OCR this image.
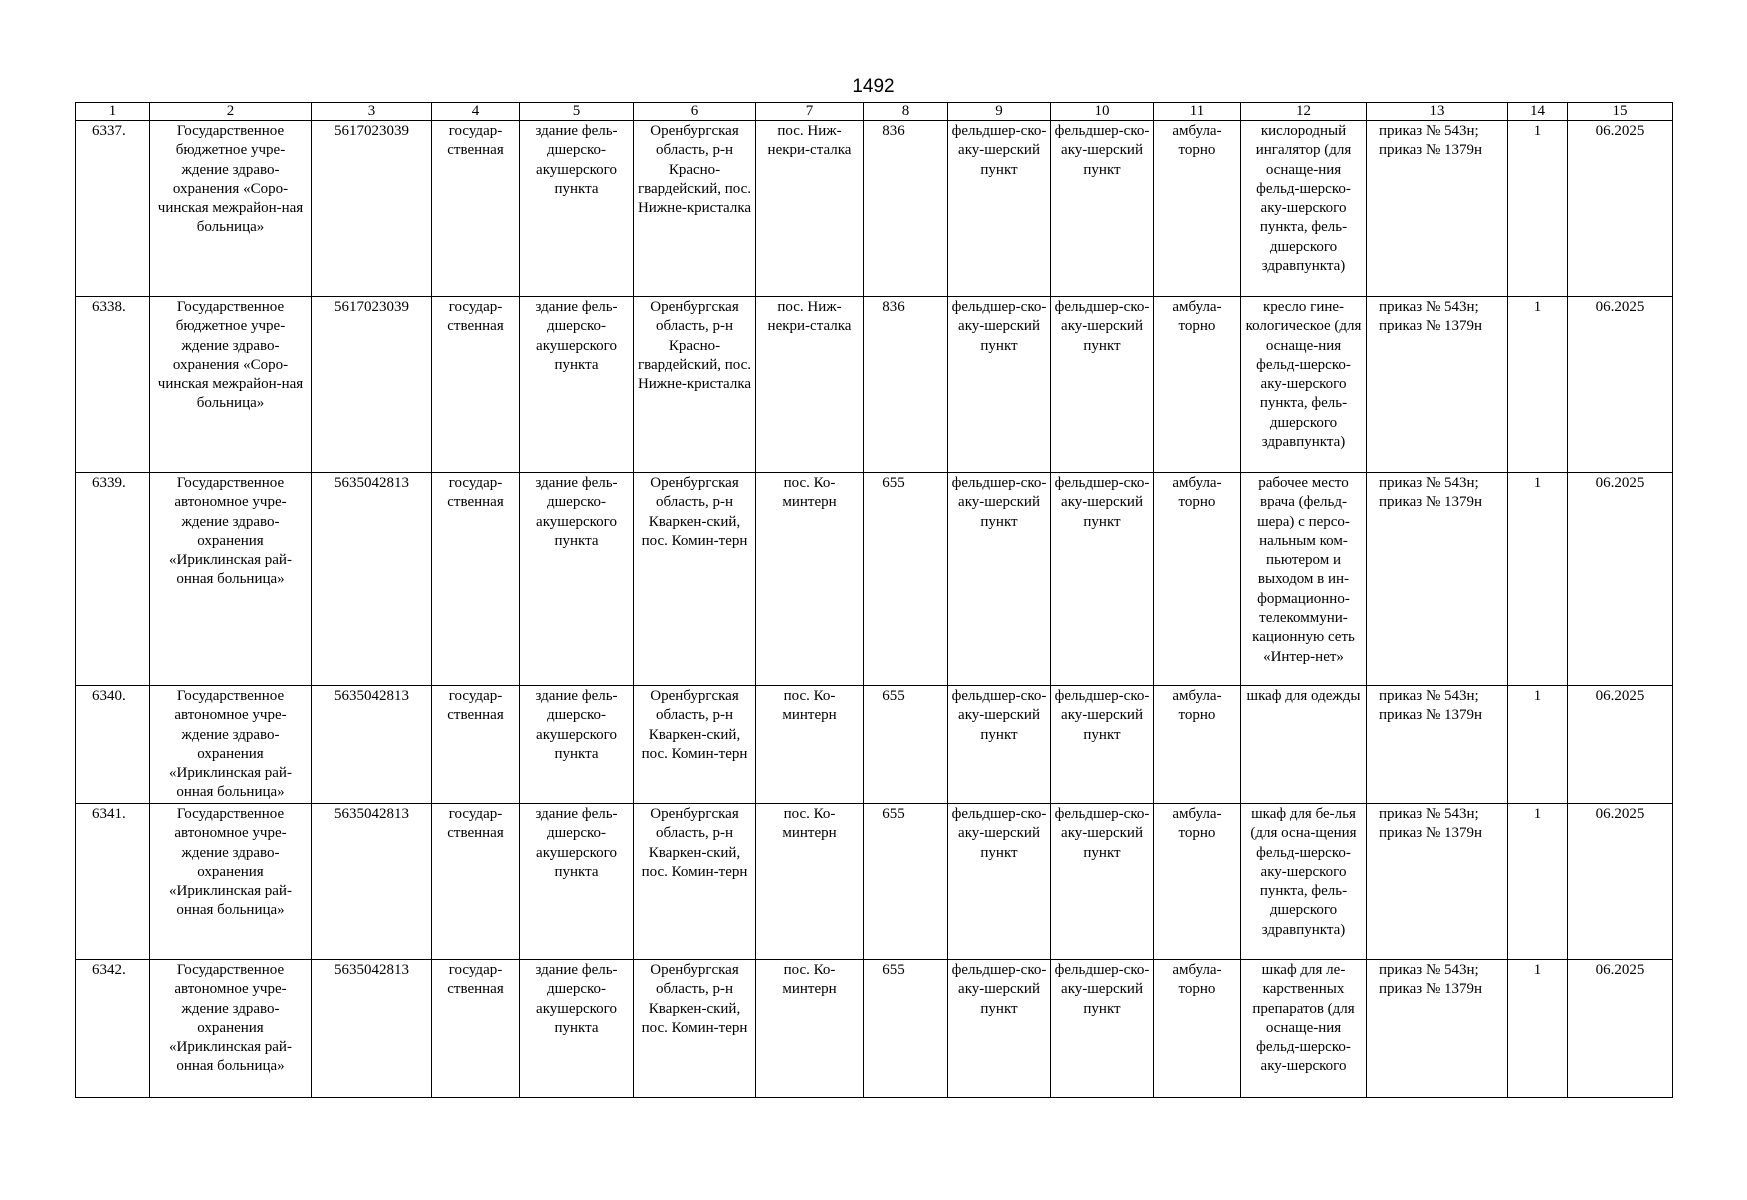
1492
1	2	3	4	5	6	7	8	9	10	11	12	13	14	15
6337.	Государственное бюджетное учре-ждение здраво-охранения «Соро-чинская межрайон-ная больница»	5617023039	государ-ственная	здание фель-дшерско-акушерского пункта	Оренбургская область, р-н Красно-гвардейский, пос. Нижне-кристалка	пос. Ниж-некри-сталка	836	фельдшер-ско-аку-шерский пункт	фельдшер-ско-аку-шерский пункт	амбула-торно	кислородный ингалятор (для оснаще-ния фельд-шерско-аку-шерского пункта, фель-дшерского здравпункта)	приказ № 543н; приказ № 1379н	1	06.2025
6338.	Государственное бюджетное учре-ждение здраво-охранения «Соро-чинская межрайон-ная больница»	5617023039	государ-ственная	здание фель-дшерско-акушерского пункта	Оренбургская область, р-н Красно-гвардейский, пос. Нижне-кристалка	пос. Ниж-некри-сталка	836	фельдшер-ско-аку-шерский пункт	фельдшер-ско-аку-шерский пункт	амбула-торно	кресло гине-кологическое (для оснаще-ния фельд-шерско-аку-шерского пункта, фель-дшерского здравпункта)	приказ № 543н; приказ № 1379н	1	06.2025
6339.	Государственное автономное учре-ждение здраво-охранения «Ириклинская рай-онная больница»	5635042813	государ-ственная	здание фель-дшерско-акушерского пункта	Оренбургская область, р-н Кваркен-ский, пос. Комин-терн	пос. Ко-минтерн	655	фельдшер-ско-аку-шерский пункт	фельдшер-ско-аку-шерский пункт	амбула-торно	рабочее место врача (фельд-шера) с персо-нальным ком-пьютером и выходом в ин-формационно-телекоммуни-кационную сеть «Интер-нет»	приказ № 543н; приказ № 1379н	1	06.2025
6340.	Государственное автономное учре-ждение здраво-охранения «Ириклинская рай-онная больница»	5635042813	государ-ственная	здание фель-дшерско-акушерского пункта	Оренбургская область, р-н Кваркен-ский, пос. Комин-терн	пос. Ко-минтерн	655	фельдшер-ско-аку-шерский пункт	фельдшер-ско-аку-шерский пункт	амбула-торно	шкаф для одежды	приказ № 543н; приказ № 1379н	1	06.2025
6341.	Государственное автономное учре-ждение здраво-охранения «Ириклинская рай-онная больница»	5635042813	государ-ственная	здание фель-дшерско-акушерского пункта	Оренбургская область, р-н Кваркен-ский, пос. Комин-терн	пос. Ко-минтерн	655	фельдшер-ско-аку-шерский пункт	фельдшер-ско-аку-шерский пункт	амбула-торно	шкаф для бе-лья (для осна-щения фельд-шерско-аку-шерского пункта, фель-дшерского здравпункта)	приказ № 543н; приказ № 1379н	1	06.2025
6342.	Государственное автономное учре-ждение здраво-охранения «Ириклинская рай-онная больница»	5635042813	государ-ственная	здание фель-дшерско-акушерского пункта	Оренбургская область, р-н Кваркен-ский, пос. Комин-терн	пос. Ко-минтерн	655	фельдшер-ско-аку-шерский пункт	фельдшер-ско-аку-шерский пункт	амбула-торно	шкаф для ле-карственных препаратов (для оснаще-ния фельд-шерско-аку-шерского	приказ № 543н; приказ № 1379н	1	06.2025
